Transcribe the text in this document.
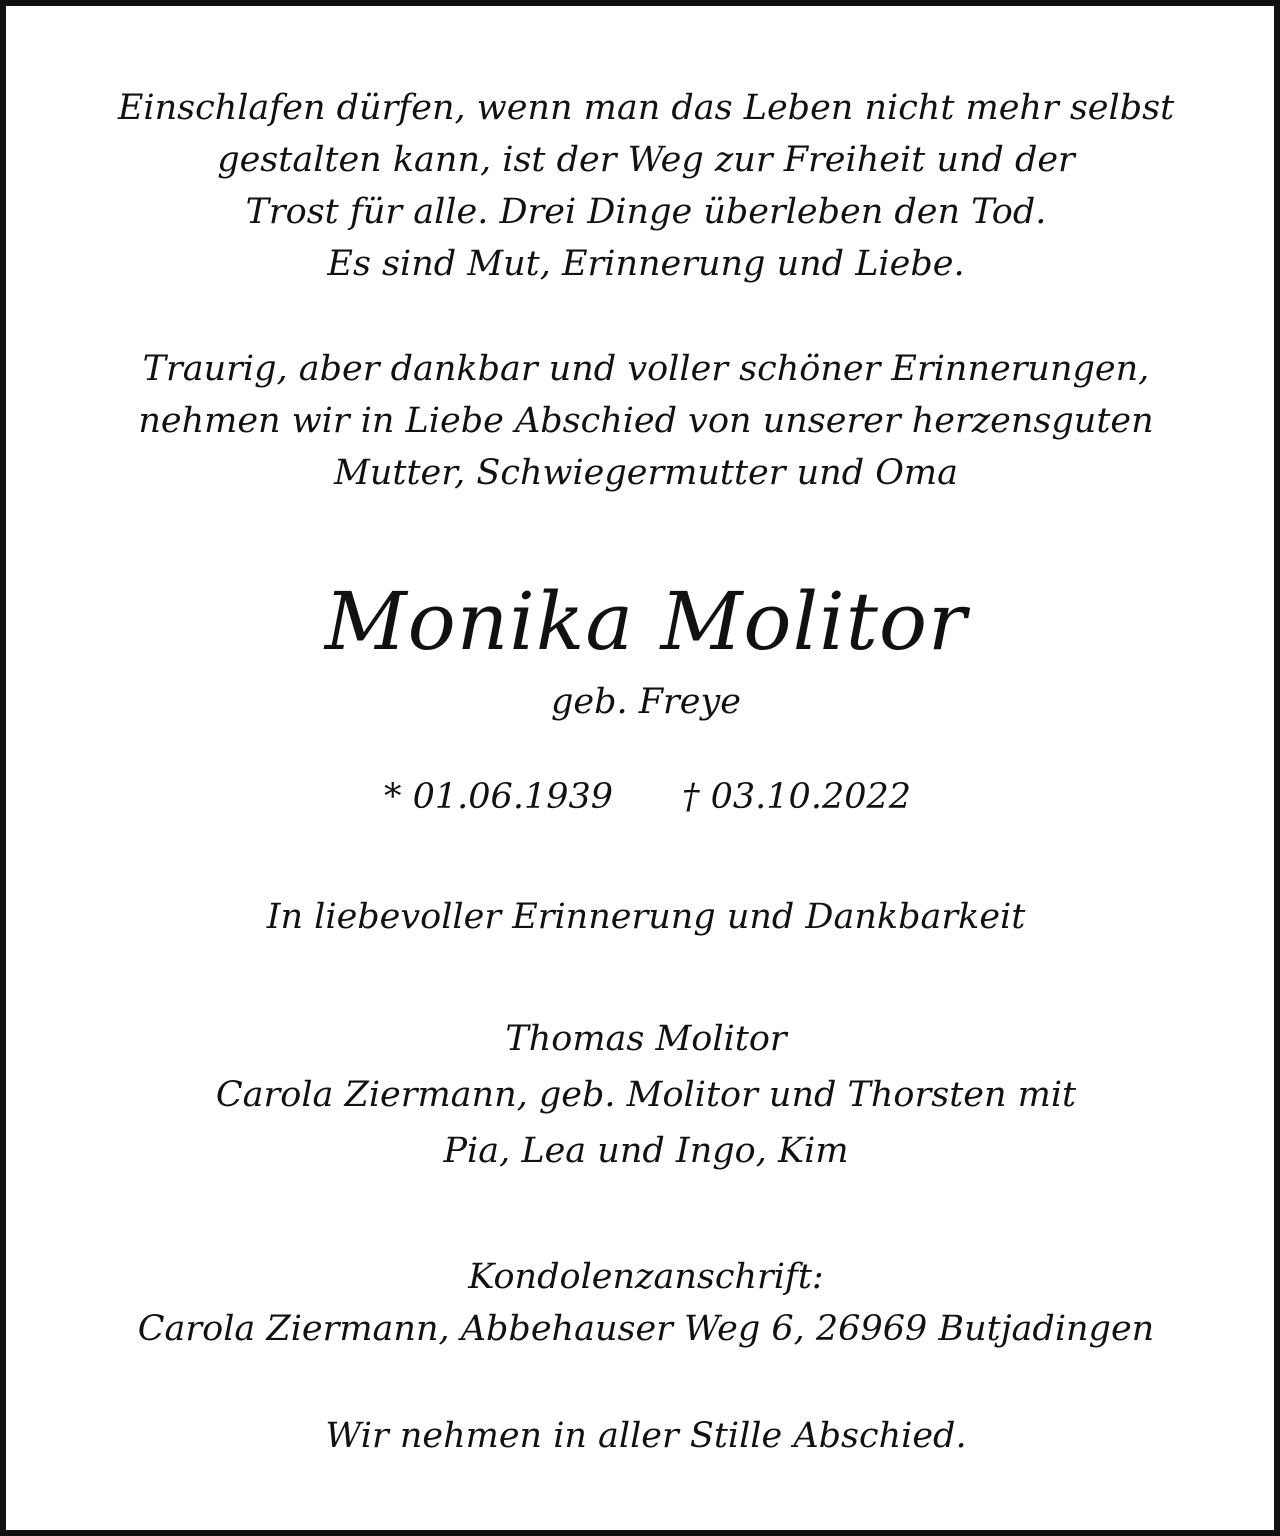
Einschlafen dürfen, wenn man das Leben nicht mehr selbst
gestalten kann, ist der Weg zur Freiheit und der
Trost für alle. Drei Dinge überleben den Tod.
Es sind Mut, Erinnerung und Liebe.
Traurig, aber dankbar und voller schöner Erinnerungen,
nehmen wir in Liebe Abschied von unserer herzensguten
Mutter, Schwiegermutter und Oma
Monika Molitor
geb. Freye
* 01.06.1939 † 03.10.2022
In liebevoller Erinnerung und Dankbarkeit
Thomas Molitor
Carola Ziermann, geb. Molitor und Thorsten mit
Pia, Lea und Ingo, Kim
Kondolenzanschrift:
Carola Ziermann, Abbehauser Weg 6, 26969 Butjadingen
Wir nehmen in aller Stille Abschied.
